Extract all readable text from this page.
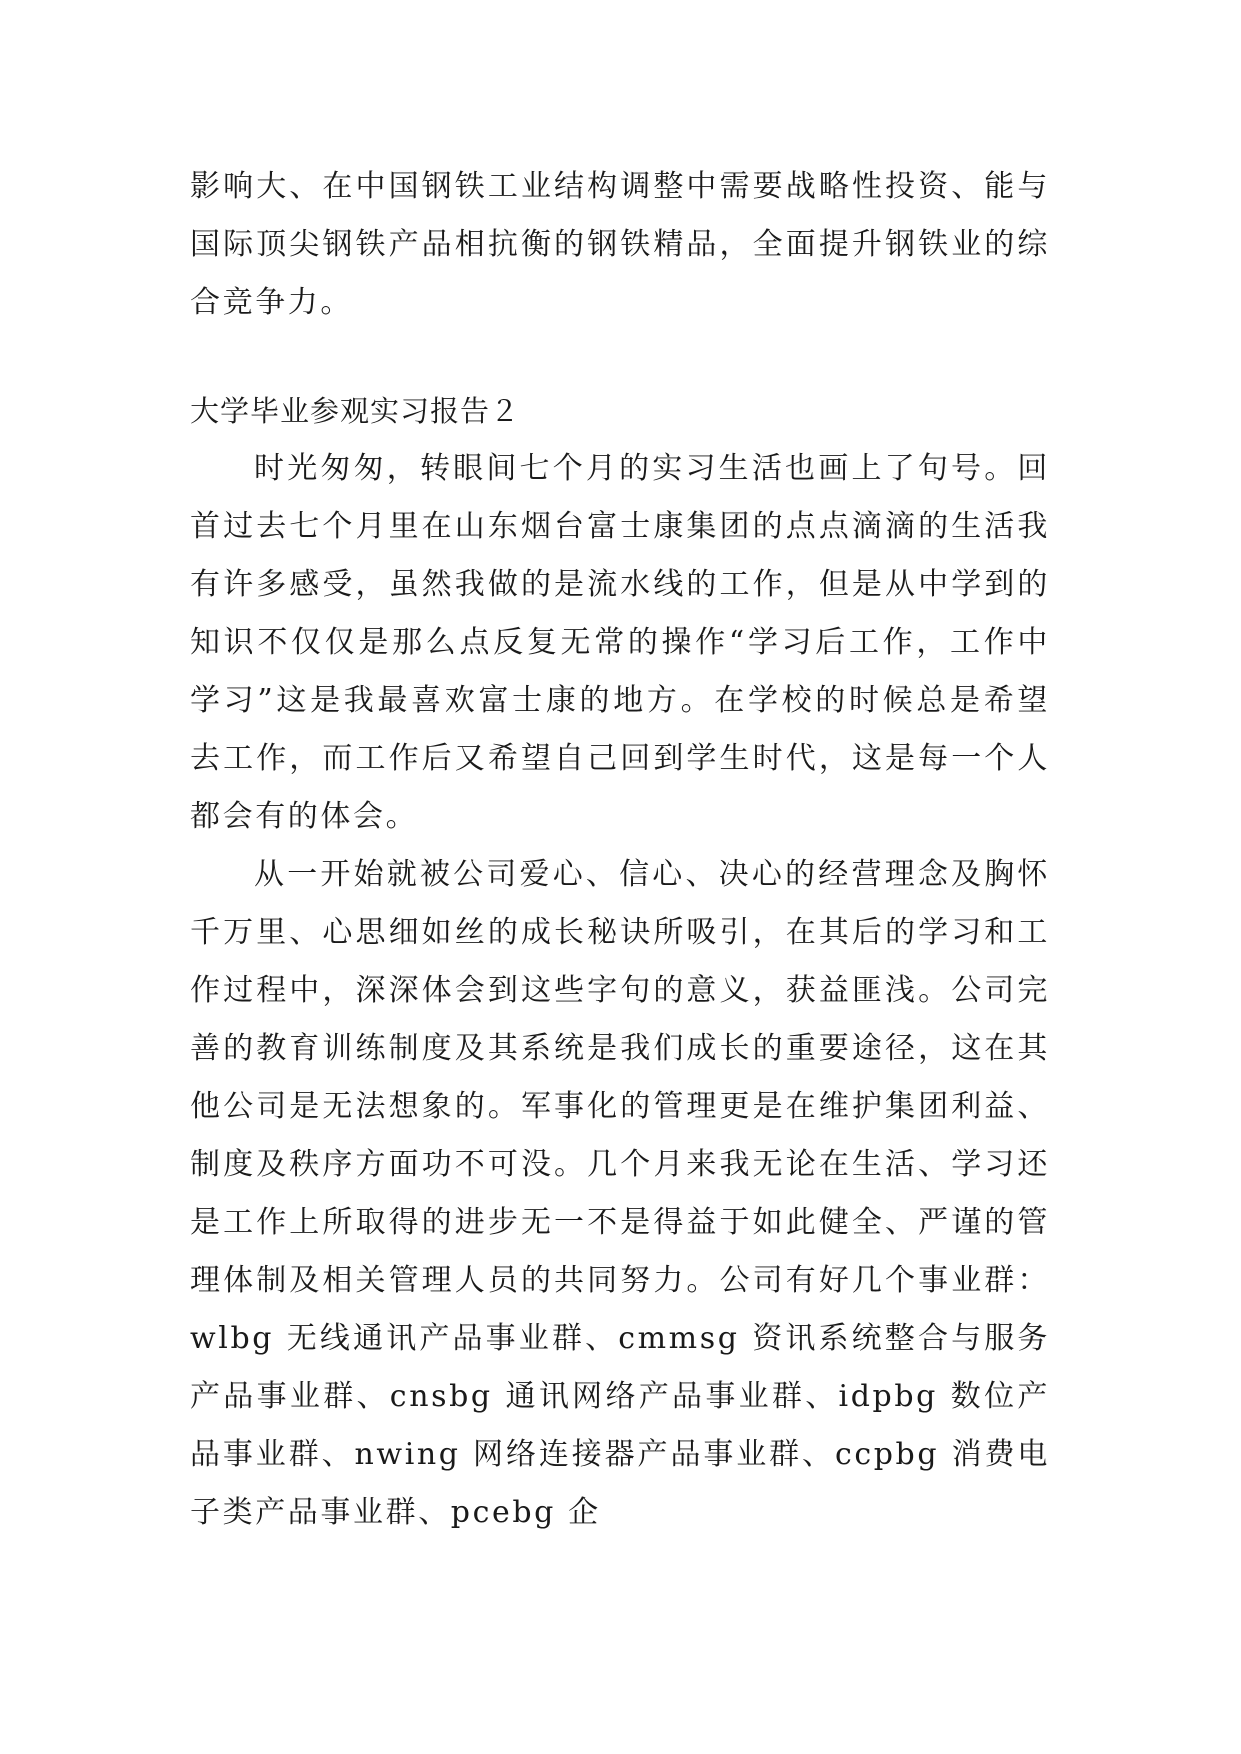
影响大、在中国钢铁工业结构调整中需要战略性投资、能与国际顶尖钢铁产品相抗衡的钢铁精品，全面提升钢铁业的综合竞争力。

大学毕业参观实习报告２

时光匆匆，转眼间七个月的实习生活也画上了句号。回首过去七个月里在山东烟台富士康集团的点点滴滴的生活我有许多感受，虽然我做的是流水线的工作，但是从中学到的知识不仅仅是那么点反复无常的操作“学习后工作，工作中学习”这是我最喜欢富士康的地方。在学校的时候总是希望去工作，而工作后又希望自己回到学生时代，这是每一个人都会有的体会。

从一开始就被公司爱心、信心、决心的经营理念及胸怀千万里、心思细如丝的成长秘诀所吸引，在其后的学习和工作过程中，深深体会到这些字句的意义，获益匪浅。公司完善的教育训练制度及其系统是我们成长的重要途径，这在其他公司是无法想象的。军事化的管理更是在维护集团利益、制度及秩序方面功不可没。几个月来我无论在生活、学习还是工作上所取得的进步无一不是得益于如此健全、严谨的管理体制及相关管理人员的共同努力。公司有好几个事业群：wlbg 无线通讯产品事业群、cmmsg 资讯系统整合与服务产品事业群、cnsbg 通讯网络产品事业群、idpbg 数位产品事业群、nwing 网络连接器产品事业群、ccpbg 消费电子类产品事业群、pcebg 企
